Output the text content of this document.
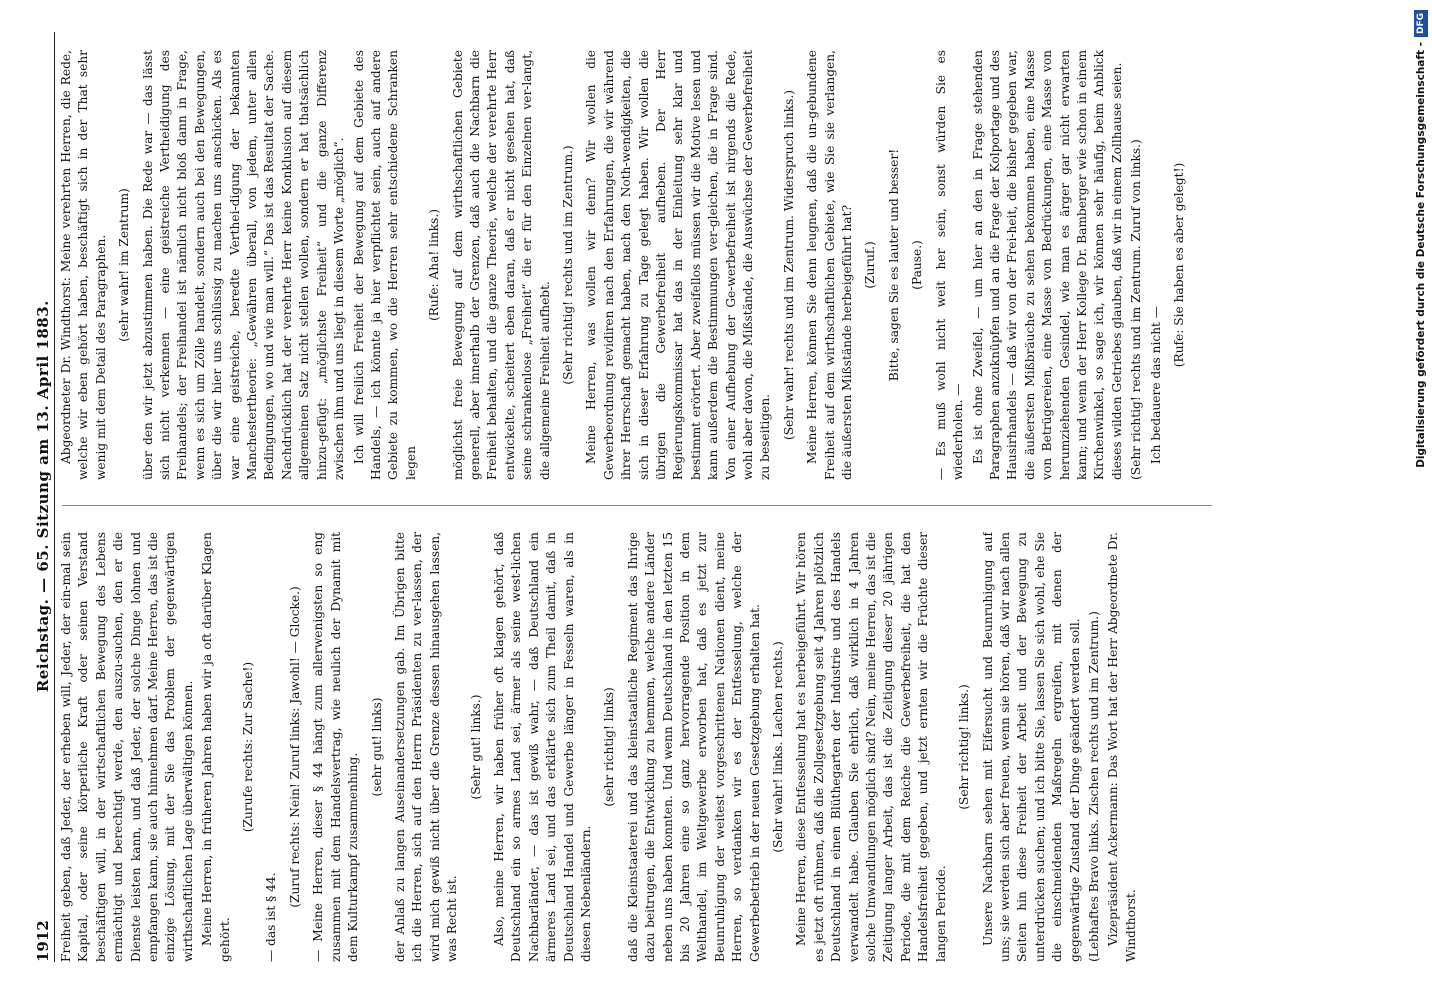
1912
Reichstag. — 65. Sitzung am 13. April 1883.

Freiheit geben, daß Jeder, der erheben will, Jeder, der ein-mal sein Kapital, oder seine körperliche Kraft oder seinen Verstand beschäftigen will, in der wirtschaftlichen Bewegung des Lebens ermächtigt und berechtigt werde, den auszu-suchen, den er die Dienste leisten kann, und daß Jeder, der solche Dinge lohnen und empfangen kann, sie auch hinnehmen darf. Meine Herren, das ist die einzige Lösung, mit der Sie das Problem der gegenwärtigen wirthschaftlichen Lage überwältigen können. Meine Herren, in früheren Jahren haben wir ja oft darüber Klagen gehört.

(Zurufe rechts: Zur Sache!)

— das ist § 44.

(Zuruf rechts: Nein! Zuruf links: Jawohl! — Glocke.) — Meine Herren, dieser § 44 hängt zum allerwenigsten so eng zusammen mit dem Handelsvertrag, wie neulich der Dynamit mit dem Kulturkampf zusammenhing.

(sehr gut! links) der Anlaß zu langen Auseinandersetzungen gab. Im Übrigen bitte ich die Herren, sich auf den Herrn Präsidenten zu ver-lassen, der wird mich gewiß nicht über die Grenze dessen hinausgehen lassen, was Recht ist.

(Sehr gut! links.) Also, meine Herren, wir haben früher oft klagen gehört, daß Deutschland ein so armes Land sei, ärmer als seine west-lichen Nachbarländer, — das ist gewiß wahr, — daß Deutschland ein ärmeres Land sei, und das erklärte sich zum Theil damit, daß in Deutschland Handel und Gewerbe länger in Fesseln waren, als in diesen Nebenländern.

(sehr richtig! links) daß die Kleinstaaterei und das kleinstaatliche Regiment das Ihrige dazu beitrugen, die Entwicklung zu hemmen, welche andere Länder neben uns haben konnten. Und wenn Deutschland in den letzten 15 bis 20 Jahren eine so ganz hervorragende Position in dem Welthandel, im Weltgewerbe erworben hat, daß es jetzt zur Beunruhigung der weitest vorgeschrittenen Nationen dient, meine Herren, so verdanken wir es der Entfesselung, welche der Gewerbebetrieb in der neuen Gesetzgebung erhalten hat. (Sehr wahr! links. Lachen rechts.) Meine Herren, diese Entfesselung hat es herbeigeführt. Wir hören es jetzt oft rühmen, daß die Zollgesetzgebung seit 4 Jahren plötzlich Deutschland in einen Blüthegarten der Industrie und des Handels verwandelt habe. Glauben Sie ehrlich, daß wirklich in 4 Jahren solche Umwandlungen möglich sind? Nein, meine Herren, das ist die Zeitigung langer Arbeit, das ist die Zeitigung dieser 20 jährigen Periode, die mit dem Reiche die Gewerbefreiheit, die hat den Handelsfreiheit gegeben, und jetzt ernten wir die Früchte dieser langen Periode.

(Sehr richtig! links.) Unsere Nachbarn sehen mit Eifersucht und Beunruhigung auf uns; sie werden sich aber freuen, wenn sie hören, daß wir nach allen Seiten hin diese Freiheit der Arbeit und der Bewegung zu unterdrücken suchen; und ich bitte Sie, lassen Sie sich wohl, ehe Sie die einschneidenden Maßregeln ergreifen, mit denen der gegenwärtige Zustand der Dinge geändert werden soll. (Lebhaftes Bravo links. Zischen rechts und im Zentrum.) Vizepräsident Ackermann: Das Wort hat der Herr Abgeordnete Dr. Windthorst.

Abgeordneter Dr. Windthorst: Meine verehrten Herren, die Rede, welche wir eben gehört haben, beschäftigt sich in der That sehr wenig mit dem Detail des Paragraphen. (sehr wahr! im Zentrum) über den wir jetzt abzustimmen haben. Die Rede war — das lässt sich nicht verkennen — eine geistreiche Vertheidigung des Freihandels; der Freihandel ist nämlich nicht bloß dann in Frage, wenn es sich um Zölle handelt, sondern auch bei den Bewegungen, über die wir hier uns schlüssig zu machen uns anschicken. Als es war eine geistreiche, beredte Verthei-digung der bekannten Manchestertheorie: „Gewähren überall, von jedem, unter allen Bedingungen, wo und wie man will.“ Das ist das Resultat der Sache. Nachdrücklich hat der verehrte Herr keine Konklusion auf diesem allgemeinen Satz nicht stellen wollen, sondern er hat thatsächlich hinzu-gefügt: „möglichste Freiheit“ und die ganze Differenz zwischen ihm und uns liegt in diesem Worte „möglich“. Ich will freilich Freiheit der Bewegung auf dem Gebiete des Handels, — ich könnte ja hier verpflichtet sein, auch auf andere Gebiete zu kommen, wo die Herren sehr entschiedene Schranken legen

(Rufe: Aha! links.) möglichst freie Bewegung auf dem wirthschaftlichen Gebiete generell, aber innerhalb der Grenzen, daß auch die Nachbarn die Freiheit behalten, und die ganze Theorie, welche der verehrte Herr entwickelte, scheitert eben daran, daß er nicht gesehen hat, daß seine schrankenlose „Freiheit“ die er für den Einzelnen ver-langt, die allgemeine Freiheit aufhebt. (Sehr richtig! rechts und im Zentrum.) Meine Herren, was wollen wir denn? Wir wollen die Gewerbeordnung revidiren nach den Erfahrungen, die wir während ihrer Herrschaft gemacht haben, nach den Noth-wendigkeiten, die sich in dieser Erfahrung zu Tage gelegt haben. Wir wollen die übrigen die Gewerbefreiheit aufheben. Der Herr Regierungskommissar hat das in der Einleitung sehr klar und bestimmt erörtert. Aber zweifellos müssen wir die Motive lesen und kann außerdem die Bestimmungen ver-gleichen, die in Frage sind. Von einer Aufhebung der Ge-werbefreiheit ist nirgends die Rede, wohl aber davon, die Mißstände, die Auswüchse der Gewerbefreiheit zu beseitigen. (Sehr wahr! rechts und im Zentrum. Widerspruch links.) Meine Herren, können Sie denn leugnen, daß die un-gebundene Freiheit auf dem wirthschaftlichen Gebiete, wie Sie sie verlangen, die äußersten Mißstände herbeigeführt hat? (Zuruf.) Bitte, sagen Sie es lauter und besser! (Pause.) — Es muß wohl nicht weit her sein, sonst würden Sie es wiederholen. — Es ist ohne Zweifel, — um hier an den in Frage stehenden Paragraphen anzuknüpfen und an die Frage der Kolportage und des Hausirhandels — daß wir von der Frei-heit, die bisher gegeben war, die äußersten Mißbräuche zu sehen bekommen haben, eine Masse von Betrügereien, eine Masse von Bedrückungen, eine Masse von herumziehenden Gesindel, wie man es ärger gar nicht erwarten kann; und wenn der Herr Kollege Dr. Bamberger wie schon in einem Kirchenwinkel, so sage ich, wir können sehr häufig, beim Anblick dieses wilden Getriebes glauben, daß wir in einem Zollhause seien. (Sehr richtig! rechts und im Zentrum. Zuruf von links.) Ich bedauere das nicht —

(Rufe: Sie haben es aber gelegt!)	Digitalisierung gefördert durch die Deutsche Forschungsgemeinschaft -
DFG
